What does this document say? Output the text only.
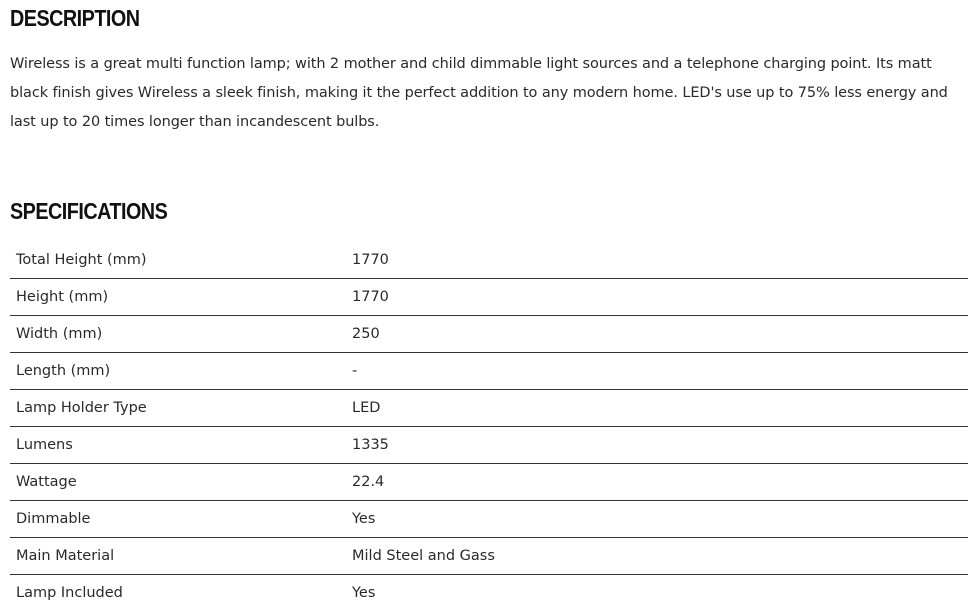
DESCRIPTION

Wireless is a great multi function lamp; with 2 mother and child dimmable light sources and a telephone charging point. Its matt black finish gives Wireless a sleek finish, making it the perfect addition to any modern home. LED's use up to 75% less energy and last up to 20 times longer than incandescent bulbs.

SPECIFICATIONS
Total Height (mm)	1770
Height (mm)	1770
Width (mm)	250
Length (mm)	-
Lamp Holder Type	LED
Lumens	1335
Wattage	22.4
Dimmable	Yes
Main Material	Mild Steel and Gass
Lamp Included	Yes
